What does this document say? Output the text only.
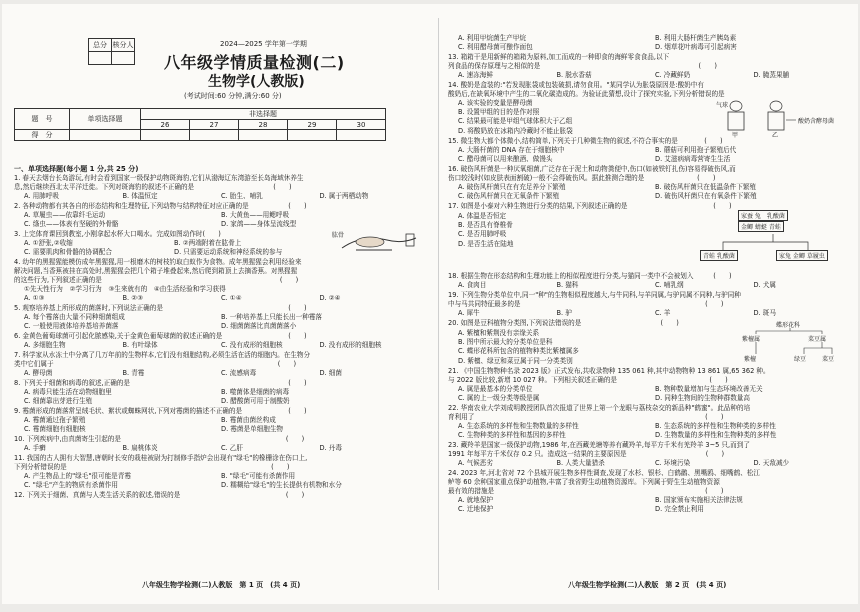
总分	核分人
		2024—2025 学年第一学期
八年级学情质量检测(二)
生物学(人教版)
(考试时间:60 分钟,满分:60 分)
题　号	单项选择题	非选择题				
		26	27	28	29	30
得　分						
一、单项选择题(每小题 1 分,共 25 分)
1. 春天去烟台长岛游玩,有时会看到国家一级保护动物斑海豹,它们从渤海辽东湾游至长岛海域休养生
息,然后继续西北太平洋迁徙。下列对斑海豹的叙述不正确的是　　　　　　　　　　　　(　　)
A. 用肺呼吸	B. 体温恒定	C. 胎生、哺乳	D. 属于两栖动物
2. 各种动物都有其各自的形态结构和生理特征,下列动物与结构特征对应正确的是　　　　　　(　　)
A. 草履虫——依靠纤毛运动	B. 大黄鱼——用鳃呼吸
C. 绦虫——体表有坚硬的外骨骼	D. 家鸽——身体呈流线型
3. 上完体育课回到教室,小刚拿起水杯大口喝水。完成如图动作时(　　)
A. ①舒张,②收缩	B. ②两端附着在肱骨上
C. 需要肌肉和骨骼的协调配合	D. 只需要运动系统和神经系统的参与
肱骨
4. 幼年的黑猩猩能模仿成年黑猩猩,用一根磨木的树枝钓取白蚁作为食物。成年黑猩猩会利用经验来
解决问题,当香蕉被挂在高处时,黑猩猩会把几个箱子堆叠起来,然后爬到箱顶上去摘香蕉。对黑猩猩
的这些行为,下列叙述正确的是　　　　　　　　　　　　　　　　　　　　　　　　　　　(　　)
①先天性行为　②学习行为　③生来就有的　④由生活经验和学习获得
A. ①③	B. ②③	C. ①④	D. ②④
5. 观察培养基上所形成的菌落时,下列说法正确的是　　　　　　　　　　　　　　　　　　　(　　)
A. 每个霉落由大量不同种细菌组成	B. 一种培养基上只能长出一种霉落
C. 一般使用液体培养基培养菌落	D. 细菌菌落比真菌菌落小
6. 金黄色葡萄球菌可引起化脓感染,关于金黄色葡萄球菌的叙述正确的是　　　　　　　　　　(　　)
A. 多细胞生物	B. 有叶绿体	C. 没有成形的细胞核	D. 没有成形的细胞核
7. 科学家从水冻土中分离了几万年前的生物样本,它们没有细胞结构,必须生活在活的细胞内。在生物分
类中它们属于　　　　　　　　　　　　　　　　　　　　　　　　　　　　　　　　　　(　　)
A. 酵母菌	B. 青霉	C. 流感病毒	D. 细菌
8. 下列关于细菌和病毒的叙述,正确的是　　　　　　　　　　　　　　　　　　　　　　　　(　　)
A. 病毒只能生活在动物细胞里	B. 噬菌体是细菌的病毒
C. 细菌靠出芽进行生殖	D. 醋酸菌可用于制酸奶
9. 霉菌形成的菌落常呈绒毛状、絮状或蜘蛛网状,下列对霉菌的描述不正确的是　　　　　　　(　　)
A. 霉菌通过孢子繁殖	B. 霉菌由菌丝构成
C. 霉菌细胞有细胞核	D. 霉菌是单细胞生物
10. 下列疾病中,由真菌寄生引起的是　　　　　　　　　　　　　　　　　　　　　　　　　(　　)
A. 手癣	B. 扁桃体炎	C. 乙肝	D. 丹毒
11. 我国的古人拥有大智慧,唐朝时长安的栽桂被尉为打制修手指炉会出现有"绿毛"的橡栅涂在伤口上,
下列分析错误的是　　　　　　　　　　　　　　　　　　　　　　　　　　　　　　　(　　)
A. 产生物品上的"绿毛"很可能是青霉	B. "绿毛"可能有杀菌作用
C. "绿毛"产生的物质有杀菌作用	D. 糯糊给"绿毛"的生长提供有机物和水分
12. 下列关于细菌、真菌与人类生活关系的叙述,错误的是　　　　　　　　　　　　　　　　(　　)
八年级生物学检测(二)人教版　第 1 页　(共 4 页)
A. 利用甲烷菌生产甲烷	B. 利用大肠杆菌生产胰岛素
C. 利用醋母菌可酿作面包	D. 烟草花叶病毒可引起病害
13. 箱箱干是用新鲜的箱箱为原料,加工而成的一种即食的海鲜零食食品,以下
列食品的保存原理与之相似的是　　　　　　　　　　　　　　　　　　　　　　　　(　　)
A. 速冻海鲜	B. 脱水香菇	C. 冷藏鲜奶	D. 腌蒸果脯
14. 酸奶是盒装的:"若发现胀袋或包装破损,请勿食用。"某同学认为胀袋原因是:酸奶中有
酸奶后,在缺氧环境中产生的二氧化碳造成的。为验证此猜想,设计了探究实验,下列分析错误的是
A. 该实验的变量是酵母菌
B. 设置甲组的目的是作对照
C. 结果最可能是甲组气球体积大于乙组
D. 将酸奶放在冰箱内冷藏时不能止胀袋
气球
甲	乙
酸奶含酵母菌
15. 微生物大都个体微小,结构简单,下列关于几种微生物的叙述,不符合事实的是　　　　(　　)
A. 大肠杆菌的 DNA 存在于细胞核中	B. 蘑菇可利用孢子繁殖后代
C. 醋母菌可以用来酿酒、做馒头	D. 艾滋病病毒营寄生生活
16. 破伤风杆菌是一种厌氧细菌,广泛存在于泥土和动物粪便中,伤口(如被铁钉扎伤)容易得破伤风,而
伤口较浅时(如皮肤表面割破)一般不会得破伤风。据此推测合理的是　　　　　　　　(　　)
A. 破伤风杆菌只在有充足养分下繁殖	B. 破伤风杆菌只在低温条件下繁殖
C. 破伤风杆菌只在无氧条件下繁殖	D. 破伤风杆菌只在有氧条件下繁殖
17. 如图是小泰对六种生物进行分类的结果,下列叙述正确的是　　　　　　　　　　　　　(　　)
A. 体温是否恒定
B. 是否具有脊椎骨
C. 是否用肺呼吸
D. 是否生活在陆地
家蚕 兔　乳酸菌
金鲫 蜻蜓 青蛙
青蛙 乳酸菌	家兔 金鲫 草履虫
18. 根据生物在形态结构和生理功能上的相似程度进行分类,与猫同一类中不会被划入　　　(　　)
A. 食肉目	B. 猫科	C. 哺乳纲	D. 犬属
19. 下列生物分类单位中,同一"种"的生物相似程度越大,与牛同科,与羊同属,与驴同属不同种,与驴同种
中与马共同特征最多的是　　　　　　　　　　　　　　　　　　　　　　　　　　　　(　　)
A. 犀牛	B. 驴	C. 羊	D. 斑马
20. 如图是豆科植物分类图,下列说法错误的是　　　　　　　　　　　　(　　)
A. 紫檀和紫荆没有亲缘关系
B. 图中所示最大的分类单位是科
C. 蝶形花科所包含的植物种类比紫檀属多
D. 紫檀、绿豆和菜豆属于同一分类类别
蝶形花科
紫檀属	菜豆属
紫檀	绿豆	菜豆
21. 《中国生物物种名录 2023 版》正式发布,共收录物种 135 061 种,其中动物物种 13 861 属,65 362 种。
与 2022 版比较,新增 10 027 种。下列相关叙述正确的是　　　　　　　　　　　　　　(　　)
A. 属是最基本的分类单位	B. 物种数量增加与生态环境改善无关
C. 属的上一级分类等级是属	D. 同种生物间的生物种群数量高
22. 华南农业大学刘成明教授团队首次报道了世界上第一个龙眼与荔枝杂交的新品种"鹤蜜"。此品种的培
育利用了　　　　　　　　　　　　　　　　　　　　　　　　　　　　　　　　　　　(　　)
A. 生态系统的多样性和生物数量的多样性	B. 生态系统的多样性和生物种类的多样性
C. 生物种类的多样性和基因的多样性	D. 生物数量的多样性和生物种类的多样性
23. 藏羚羊是国家一级保护动物,1986 年,在西藏羌塘等养有藏羚羊,每平方千米有羌羚羊 3~5 只,而到了
1991 年每平方千米仅存 0.2 只。造成这一结果的主要原因是　　　　　　　　　　　　(　　)
A. 气候恶劣	B. 人类大量猎杀	C. 环境污染	D. 天敌减少
24. 2023 年,河北省对 72 个县城开展生物多样性调查,发现了水杉、银杉、白鹤鹳、黑嘴鸥、细嘴鹤、松江
鲈等 60 余种国家重点保护动植物,丰富了我省野生动植物资源库。下列属于野生生动植物资源
最有效的措施是　　　　　　　　　　　　　　　　　　　　　　　　　　　　　　　　(　　)
A. 就地保护	B. 国家颁布实施相关法律法规
C. 迁地保护	D. 完全禁止利用
八年级生物学检测(二)人教版　第 2 页　(共 4 页)
